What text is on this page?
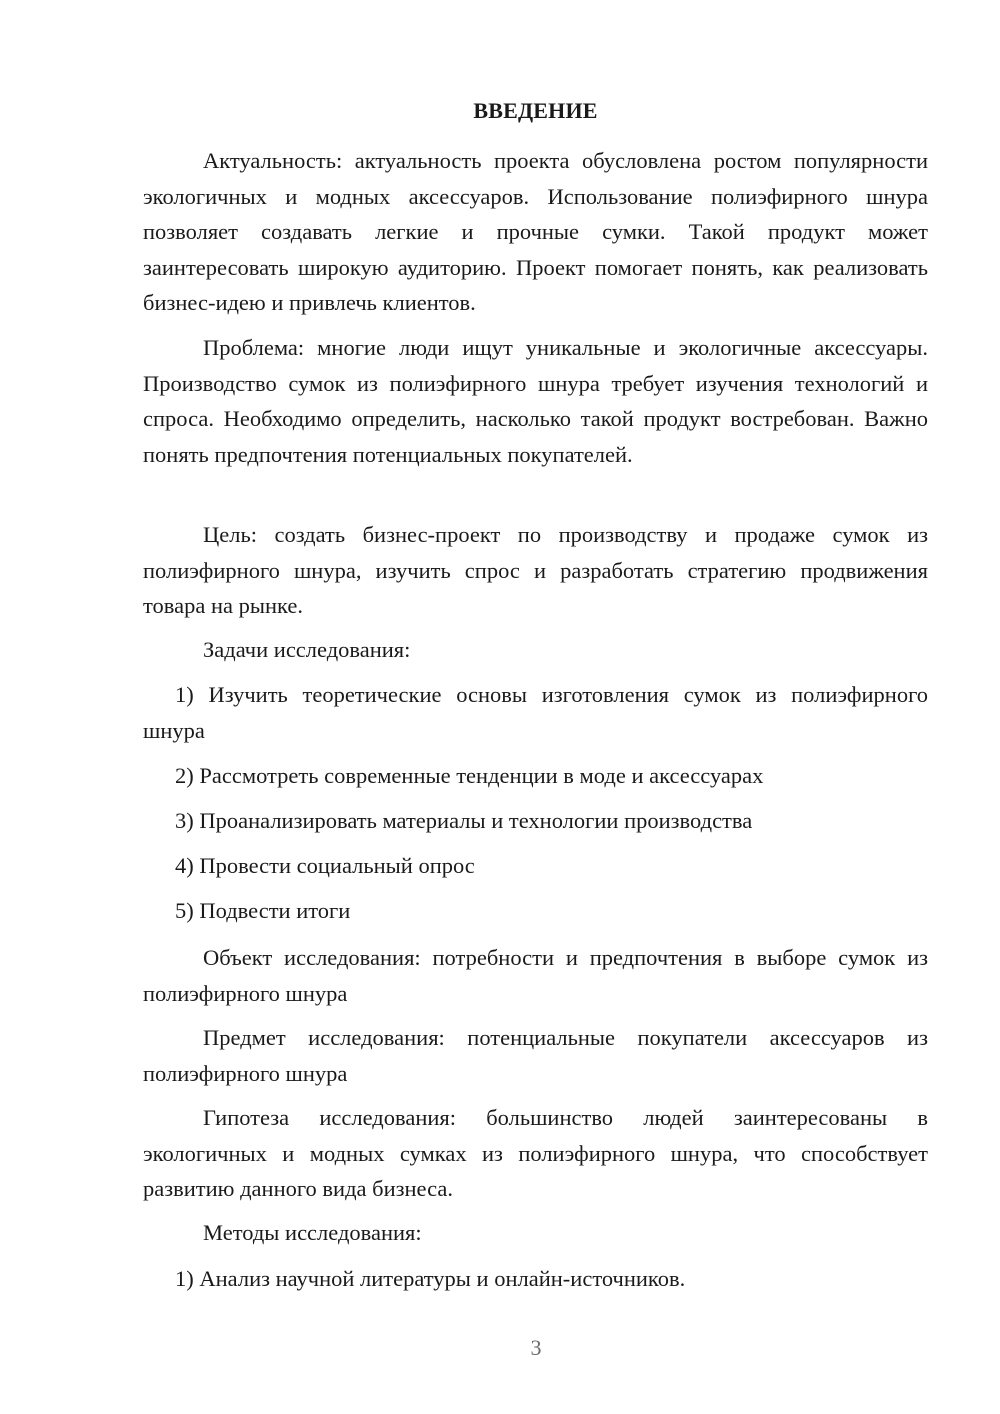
ВВЕДЕНИЕ

Актуальность: актуальность проекта обусловлена ростом популярности экологичных и модных аксессуаров. Использование полиэфирного шнура позволяет создавать легкие и прочные сумки. Такой продукт может заинтересовать широкую аудиторию. Проект помогает понять, как реализовать бизнес-идею и привлечь клиентов.

Проблема: многие люди ищут уникальные и экологичные аксессуары. Производство сумок из полиэфирного шнура требует изучения технологий и спроса. Необходимо определить, насколько такой продукт востребован. Важно понять предпочтения потенциальных покупателей.

Цель: создать бизнес-проект по производству и продаже сумок из полиэфирного шнура, изучить спрос и разработать стратегию продвижения товара на рынке.

Задачи исследования:

1) Изучить теоретические основы изготовления сумок из полиэфирного шнура

2) Рассмотреть современные тенденции в моде и аксессуарах

3) Проанализировать материалы и технологии производства

4) Провести социальный опрос

5) Подвести итоги

Объект исследования: потребности и предпочтения в выборе сумок из полиэфирного шнура

Предмет исследования: потенциальные покупатели аксессуаров из полиэфирного шнура

Гипотеза исследования: большинство людей заинтересованы в экологичных и модных сумках из полиэфирного шнура, что способствует развитию данного вида бизнеса.

Методы исследования:

1) Анализ научной литературы и онлайн-источников.

3
